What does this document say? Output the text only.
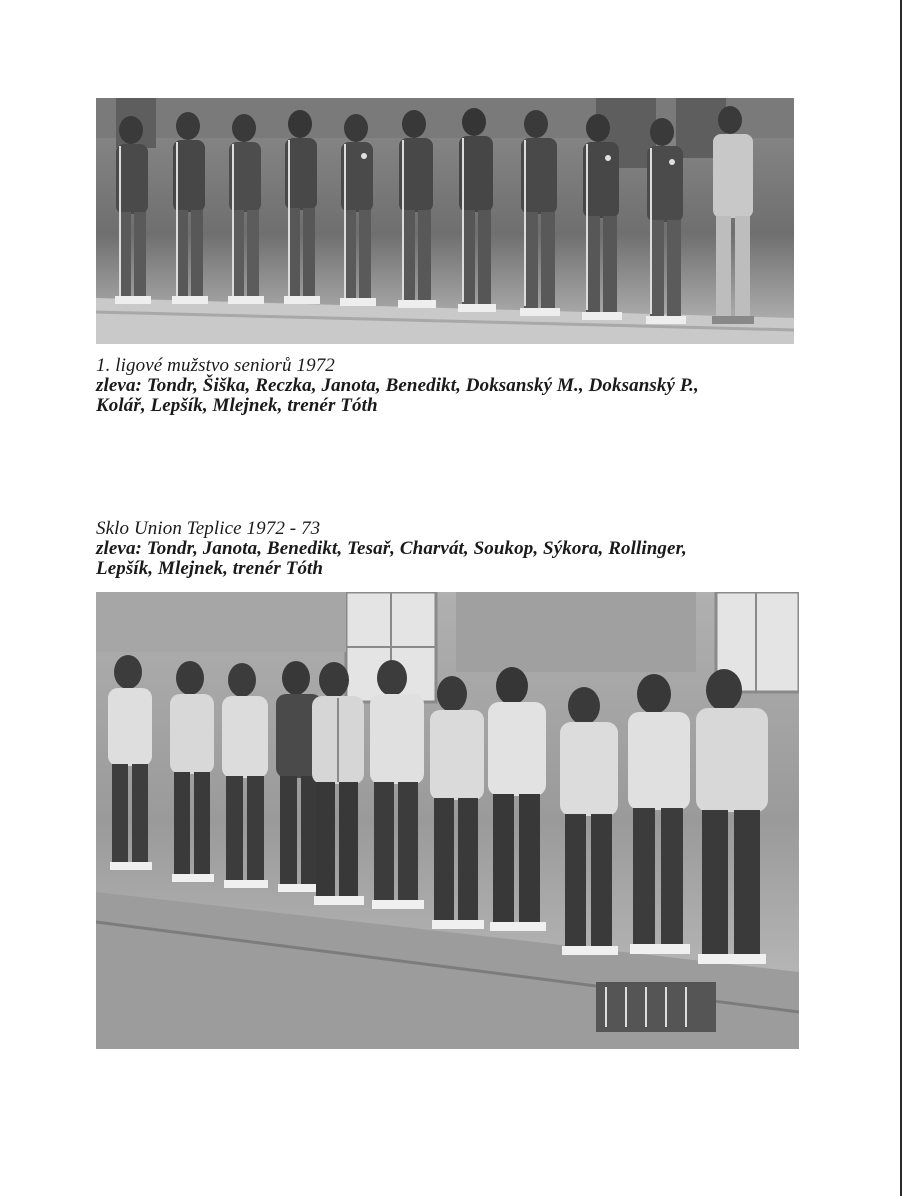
1. ligové mužstvo seniorů 1972
zleva: Tondr, Šiška, Reczka, Janota, Benedikt, Doksanský M., Doksanský P.,
Kolář, Lepšík, Mlejnek, trenér Tóth
Sklo Union Teplice 1972 - 73
zleva: Tondr, Janota, Benedikt, Tesař, Charvát, Soukop, Sýkora, Rollinger,
Lepšík, Mlejnek, trenér Tóth
